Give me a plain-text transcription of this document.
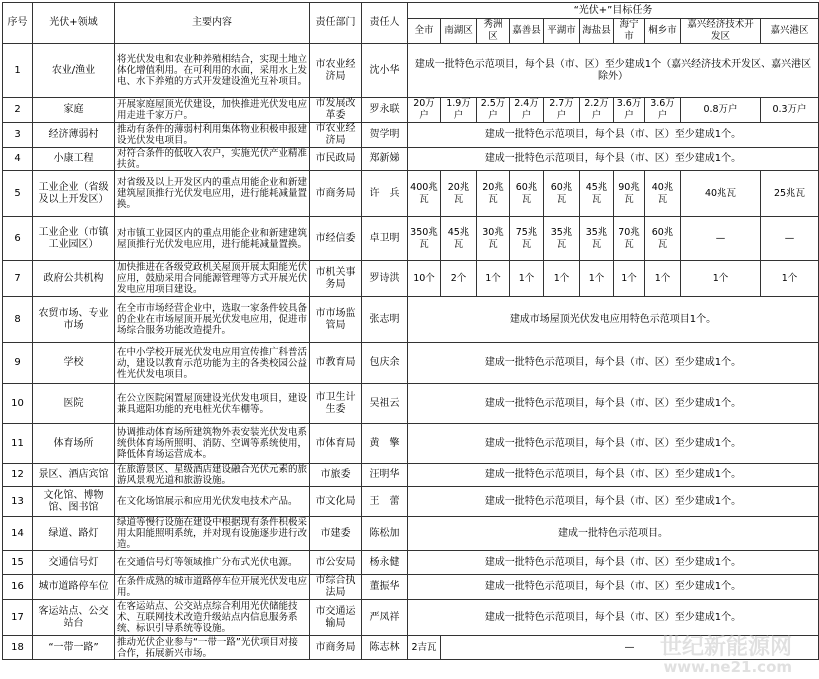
序号	光伏+领域	主要内容	责任部门	责任人	“光伏+”目标任务									
					全市	南湖区	秀洲区	嘉善县	平湖市	海盐县	海宁市	桐乡市	嘉兴经济技术开发区	嘉兴港区
1	农业/渔业	将光伏发电和农业种养殖相结合，实现土地立体化增值利用。在可利用的水面，采用水上发电、水下养殖的方式开发建设渔光互补项目。	市农业经济局	沈小华	建成一批特色示范项目，每个县（市、区）至少建成1个（嘉兴经济技术开发区、嘉兴港区除外）									
2	家庭	开展家庭屋顶光伏建设，加快推进光伏发电应用走进千家万户。	市发展改革委	罗永联	20万户	1.9万户	2.5万户	2.4万户	2.7万户	2.2万户	3.6万户	3.6万户	0.8万户	0.3万户
3	经济薄弱村	推动有条件的薄弱村利用集体物业积极申报建设光伏发电项目。	市农业经济局	贺学明	建成一批特色示范项目，每个县（市、区）至少建成1个。									
4	小康工程	对符合条件的低收入农户，实施光伏产业精准扶贫。	市民政局	郑新娣	建成一批特色示范项目，每个县（市、区）至少建成1个。									
5	工业企业（省级及以上开发区）	对省级及以上开发区内的重点用能企业和新建建筑屋顶推行光伏发电应用，进行能耗减量置换。	市商务局	许　兵	400兆瓦	20兆瓦	20兆瓦	60兆瓦	60兆瓦	45兆瓦	90兆瓦	40兆瓦	40兆瓦	25兆瓦
6	工业企业（市镇工业园区）	对市镇工业园区内的重点用能企业和新建建筑屋顶推行光伏发电应用，进行能耗减量置换。	市经信委	卓卫明	350兆瓦	45兆瓦	30兆瓦	75兆瓦	35兆瓦	35兆瓦	70兆瓦	60兆瓦	—	—
7	政府公共机构	加快推进在各级党政机关屋顶开展太阳能光伏应用，鼓励采用合同能源管理等方式开展光伏发电应用项目建设。	市机关事务局	罗诗洪	10个	2个	1个	1个	1个	1个	1个	1个	1个	1个
8	农贸市场、专业市场	在全市市场经营企业中，选取一家条件较具备的企业在市场屋顶开展光伏发电应用，促进市场综合服务功能改造提升。	市市场监管局	张志明	建成市场屋顶光伏发电应用特色示范项目1个。									
9	学校	在中小学校开展光伏发电应用宣传推广科普活动，建设以教育示范功能为主的各类校园公益性光伏发电项目。	市教育局	包庆余	建成一批特色示范项目，每个县（市、区）至少建成1个。									
10	医院	在公立医院闲置屋顶建设光伏发电项目，建设兼具遮阳功能的充电桩光伏车棚等。	市卫生计生委	吴祖云	建成一批特色示范项目，每个县（市、区）至少建成1个。									
11	体育场所	协调推动体育场所建筑物外表安装光伏发电系统供体育场所照明、消防、空调等系统使用，降低体育场运营成本。	市体育局	黄　擎	建成一批特色示范项目，每个县（市、区）至少建成1个。									
12	景区、酒店宾馆	在旅游景区、星级酒店建设融合光伏元素的旅游风景观光道和旅游设施。	市旅委	汪明华	建成一批特色示范项目，每个县（市、区）至少建成1个。									
13	文化馆、博物馆、图书馆	在文化场馆展示和应用光伏发电技术产品。	市文化局	王　蕾	建成一批特色示范项目，每个县（市、区）至少建成1个。									
14	绿道、路灯	绿道等慢行设施在建设中根据现有条件积极采用太阳能照明系统，并对现有设施逐步进行改造。	市建委	陈松加	建成一批特色示范项目。									
15	交通信号灯	在交通信号灯等领域推广分布式光伏电源。	市公安局	杨永健	建成一批特色示范项目，每个县（市、区）至少建成1个。									
16	城市道路停车位	在条件成熟的城市道路停车位开展光伏发电应用。	市综合执法局	董振华	建成一批特色示范项目，每个县（市、区）至少建成1个。									
17	客运站点、公交站台	在客运站点、公交站点综合利用光伏储能技术、互联网技术改造升级站点内信息服务系统、标识引导系统等设施。	市交通运输局	严凤祥	建成一批特色示范项目，每个县（市、区）至少建成1个。									
18	“一带一路”	推动光伏企业参与“一带一路”光伏项目对接合作，拓展新兴市场。	市商务局	陈志林	2吉瓦	—								世纪新能源网
www.ne21.com
